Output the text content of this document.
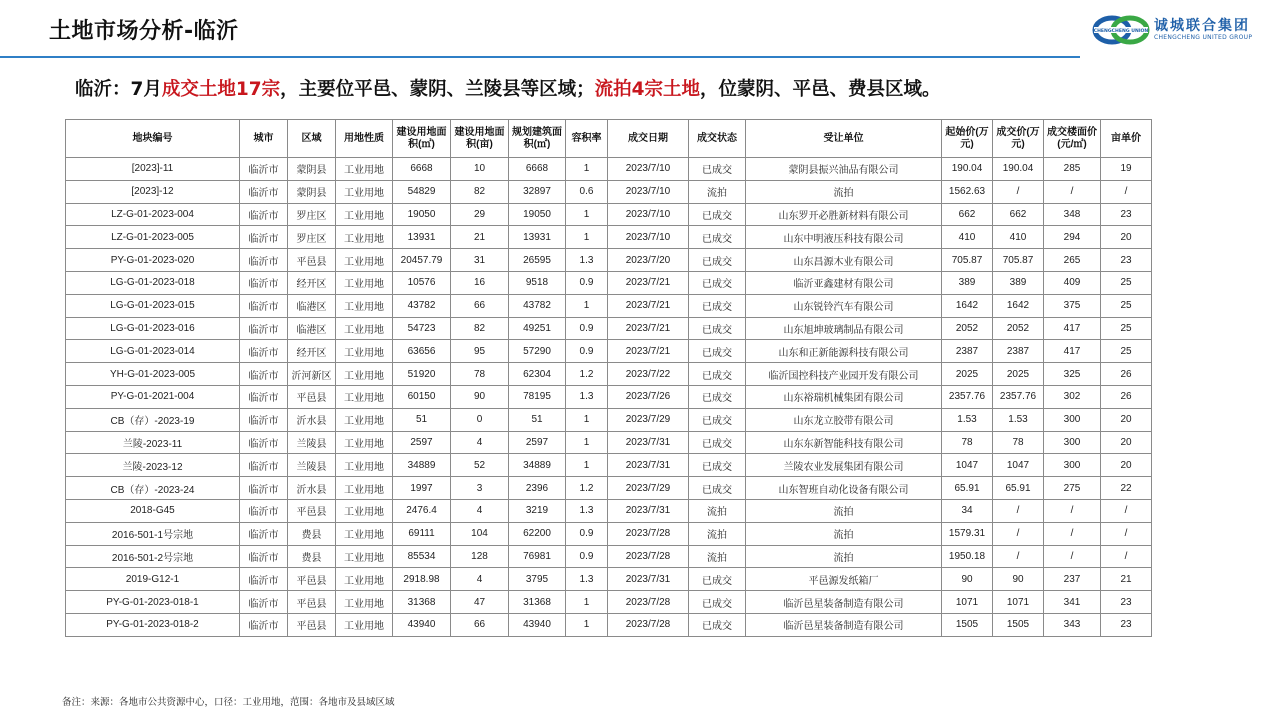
土地市场分析-临沂	CHENGCHENG UNION 诚城联合集团
CHENGCHENG UNITED GROUP
临沂：7月成交土地17宗，主要位平邑、蒙阴、兰陵县等区域；流拍4宗土地，位蒙阴、平邑、费县区域。
地块编号	城市	区域	用地性质	建设用地面积(㎡)	建设用地面积(亩)	规划建筑面积(㎡)	容积率	成交日期	成交状态	受让单位	起始价(万元)	成交价(万元)	成交楼面价(元/㎡)	亩单价
[2023]-11	临沂市	蒙阴县	工业用地	6668	10	6668	1	2023/7/10	已成交	蒙阴县振兴油品有限公司	190.04	190.04	285	19
[2023]-12	临沂市	蒙阴县	工业用地	54829	82	32897	0.6	2023/7/10	流拍	流拍	1562.63	/	/	/
LZ-G-01-2023-004	临沂市	罗庄区	工业用地	19050	29	19050	1	2023/7/10	已成交	山东罗开必胜新材料有限公司	662	662	348	23
LZ-G-01-2023-005	临沂市	罗庄区	工业用地	13931	21	13931	1	2023/7/10	已成交	山东中明液压科技有限公司	410	410	294	20
PY-G-01-2023-020	临沂市	平邑县	工业用地	20457.79	31	26595	1.3	2023/7/20	已成交	山东昌源木业有限公司	705.87	705.87	265	23
LG-G-01-2023-018	临沂市	经开区	工业用地	10576	16	9518	0.9	2023/7/21	已成交	临沂亚鑫建材有限公司	389	389	409	25
LG-G-01-2023-015	临沂市	临港区	工业用地	43782	66	43782	1	2023/7/21	已成交	山东锐铃汽车有限公司	1642	1642	375	25
LG-G-01-2023-016	临沂市	临港区	工业用地	54723	82	49251	0.9	2023/7/21	已成交	山东旭坤玻璃制品有限公司	2052	2052	417	25
LG-G-01-2023-014	临沂市	经开区	工业用地	63656	95	57290	0.9	2023/7/21	已成交	山东和正新能源科技有限公司	2387	2387	417	25
YH-G-01-2023-005	临沂市	沂河新区	工业用地	51920	78	62304	1.2	2023/7/22	已成交	临沂国控科技产业园开发有限公司	2025	2025	325	26
PY-G-01-2021-004	临沂市	平邑县	工业用地	60150	90	78195	1.3	2023/7/26	已成交	山东裕瑞机械集团有限公司	2357.76	2357.76	302	26
CB（存）-2023-19	临沂市	沂水县	工业用地	51	0	51	1	2023/7/29	已成交	山东龙立胶带有限公司	1.53	1.53	300	20
兰陵-2023-11	临沂市	兰陵县	工业用地	2597	4	2597	1	2023/7/31	已成交	山东东新智能科技有限公司	78	78	300	20
兰陵-2023-12	临沂市	兰陵县	工业用地	34889	52	34889	1	2023/7/31	已成交	兰陵农业发展集团有限公司	1047	1047	300	20
CB（存）-2023-24	临沂市	沂水县	工业用地	1997	3	2396	1.2	2023/7/29	已成交	山东智班自动化设备有限公司	65.91	65.91	275	22
2018-G45	临沂市	平邑县	工业用地	2476.4	4	3219	1.3	2023/7/31	流拍	流拍	34	/	/	/
2016-501-1号宗地	临沂市	费县	工业用地	69111	104	62200	0.9	2023/7/28	流拍	流拍	1579.31	/	/	/
2016-501-2号宗地	临沂市	费县	工业用地	85534	128	76981	0.9	2023/7/28	流拍	流拍	1950.18	/	/	/
2019-G12-1	临沂市	平邑县	工业用地	2918.98	4	3795	1.3	2023/7/31	已成交	平邑源发纸箱厂	90	90	237	21
PY-G-01-2023-018-1	临沂市	平邑县	工业用地	31368	47	31368	1	2023/7/28	已成交	临沂邑星装备制造有限公司	1071	1071	341	23
PY-G-01-2023-018-2	临沂市	平邑县	工业用地	43940	66	43940	1	2023/7/28	已成交	临沂邑星装备制造有限公司	1505	1505	343	23
备注：来源：各地市公共资源中心，口径：工业用地，范围：各地市及县域区域
